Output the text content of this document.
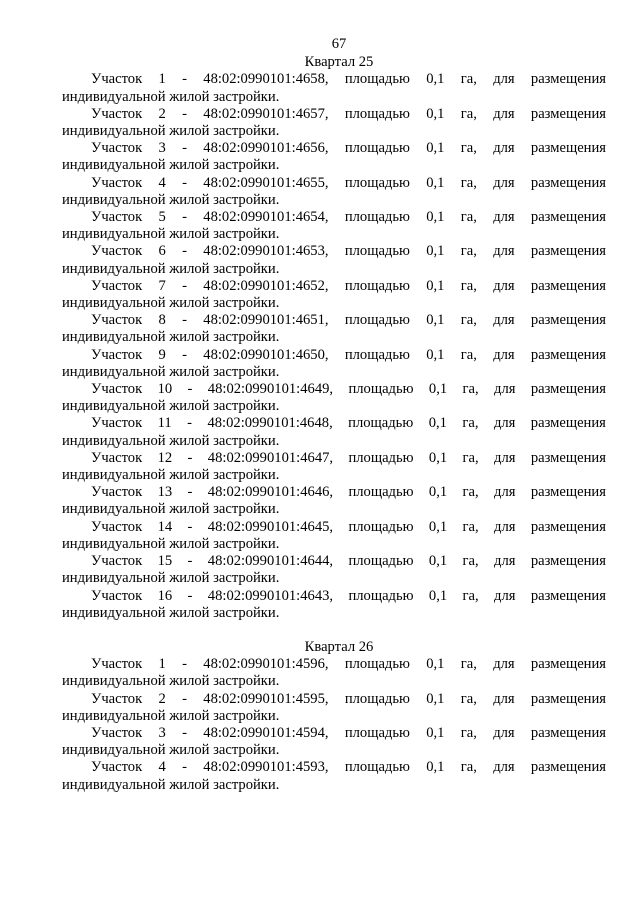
67
Квартал 25
Участок 1 - 48:02:0990101:4658, площадью 0,1 га, для размещения
индивидуальной жилой застройки.
Участок 2 - 48:02:0990101:4657, площадью 0,1 га, для размещения
индивидуальной жилой застройки.
Участок 3 - 48:02:0990101:4656, площадью 0,1 га, для размещения
индивидуальной жилой застройки.
Участок 4 - 48:02:0990101:4655, площадью 0,1 га, для размещения
индивидуальной жилой застройки.
Участок 5 - 48:02:0990101:4654, площадью 0,1 га, для размещения
индивидуальной жилой застройки.
Участок 6 - 48:02:0990101:4653, площадью 0,1 га, для размещения
индивидуальной жилой застройки.
Участок 7 - 48:02:0990101:4652, площадью 0,1 га, для размещения
индивидуальной жилой застройки.
Участок 8 - 48:02:0990101:4651, площадью 0,1 га, для размещения
индивидуальной жилой застройки.
Участок 9 - 48:02:0990101:4650, площадью 0,1 га, для размещения
индивидуальной жилой застройки.
Участок 10 - 48:02:0990101:4649, площадью 0,1 га, для размещения
индивидуальной жилой застройки.
Участок 11 - 48:02:0990101:4648, площадью 0,1 га, для размещения
индивидуальной жилой застройки.
Участок 12 - 48:02:0990101:4647, площадью 0,1 га, для размещения
индивидуальной жилой застройки.
Участок 13 - 48:02:0990101:4646, площадью 0,1 га, для размещения
индивидуальной жилой застройки.
Участок 14 - 48:02:0990101:4645, площадью 0,1 га, для размещения
индивидуальной жилой застройки.
Участок 15 - 48:02:0990101:4644, площадью 0,1 га, для размещения
индивидуальной жилой застройки.
Участок 16 - 48:02:0990101:4643, площадью 0,1 га, для размещения
индивидуальной жилой застройки.
Квартал 26
Участок 1 - 48:02:0990101:4596, площадью 0,1 га, для размещения
индивидуальной жилой застройки.
Участок 2 - 48:02:0990101:4595, площадью 0,1 га, для размещения
индивидуальной жилой застройки.
Участок 3 - 48:02:0990101:4594, площадью 0,1 га, для размещения
индивидуальной жилой застройки.
Участок 4 - 48:02:0990101:4593, площадью 0,1 га, для размещения
индивидуальной жилой застройки.
